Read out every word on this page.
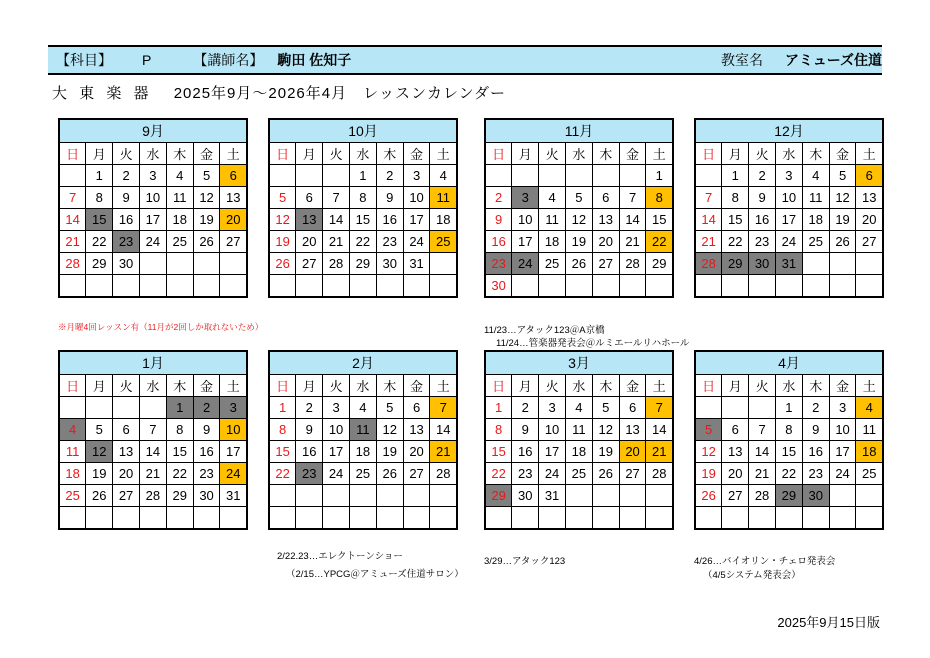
【科目】 P	【講師名】 駒田 佐知子	教室名 アミューズ住道
大 東 楽 器 2025年9月〜2026年4月　レッスンカレンダー
9月						
日	月	火	水	木	金	土
	1	2	3	4	5	6
7	8	9	10	11	12	13
14	15	16	17	18	19	20
21	22	23	24	25	26	27
28	29	30				

10月						
日	月	火	水	木	金	土
			1	2	3	4
5	6	7	8	9	10	11
12	13	14	15	16	17	18
19	20	21	22	23	24	25
26	27	28	29	30	31	

11月						
日	月	火	水	木	金	土
						1
2	3	4	5	6	7	8
9	10	11	12	13	14	15
16	17	18	19	20	21	22
23	24	25	26	27	28	29
30						
12月						
日	月	火	水	木	金	土
	1	2	3	4	5	6
7	8	9	10	11	12	13
14	15	16	17	18	19	20
21	22	23	24	25	26	27
28	29	30	31			

1月						
日	月	火	水	木	金	土
				1	2	3
4	5	6	7	8	9	10
11	12	13	14	15	16	17
18	19	20	21	22	23	24
25	26	27	28	29	30	31

2月						
日	月	火	水	木	金	土
1	2	3	4	5	6	7
8	9	10	11	12	13	14
15	16	17	18	19	20	21
22	23	24	25	26	27	28

3月						
日	月	火	水	木	金	土
1	2	3	4	5	6	7
8	9	10	11	12	13	14
15	16	17	18	19	20	21
22	23	24	25	26	27	28
29	30	31				

4月						
日	月	火	水	木	金	土
			1	2	3	4
5	6	7	8	9	10	11
12	13	14	15	16	17	18
19	20	21	22	23	24	25
26	27	28	29	30		

2025年9月15日版
※月曜4回レッスン有（11月が2回しか取れないため）	11/23…アタック123＠A京橋
11/24…管楽器発表会＠ルミエールリハホール
2/22.23…エレクトーンショー
（2/15…YPCG＠アミューズ住道サロン）
3/29…アタック123	4/26…バイオリン・チェロ発表会
（4/5システム発表会）
